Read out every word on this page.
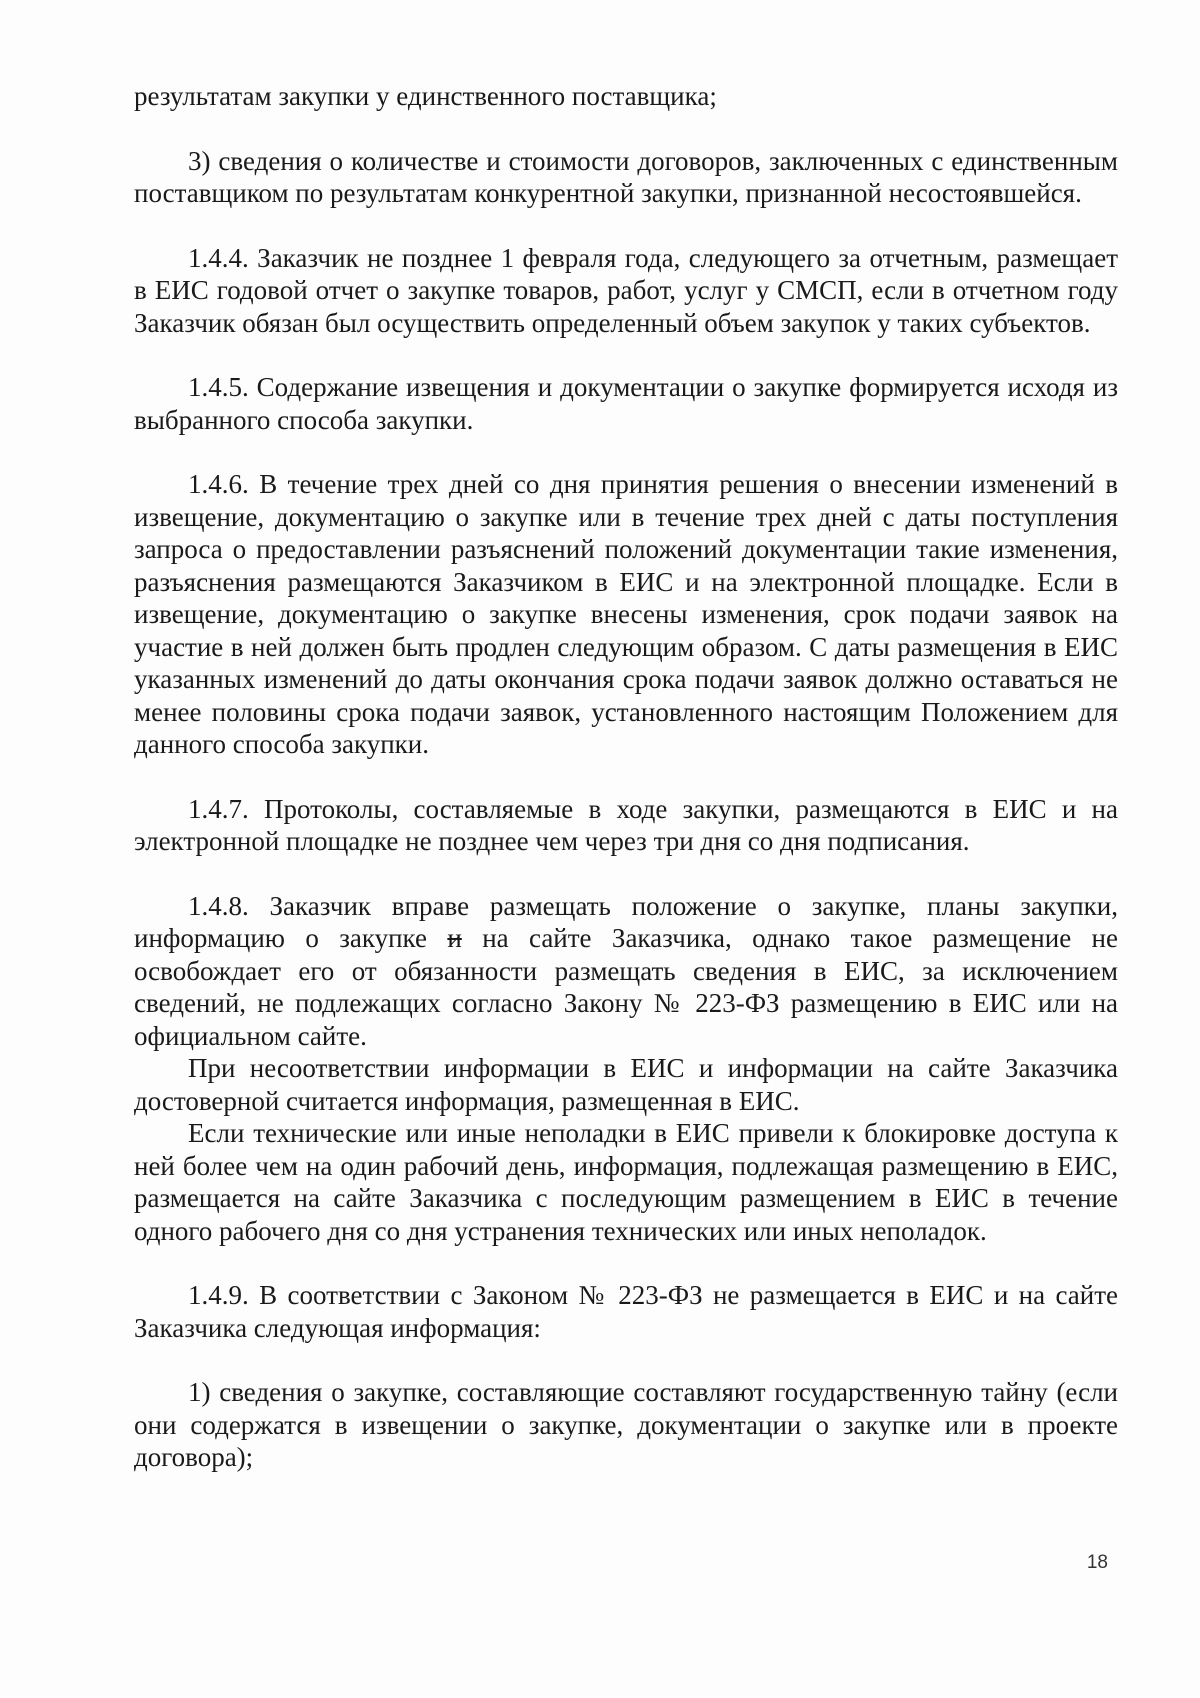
результатам закупки у единственного поставщика;

3) сведения о количестве и стоимости договоров, заключенных с единственным поставщиком по результатам конкурентной закупки, признанной несостоявшейся.

1.4.4. Заказчик не позднее 1 февраля года, следующего за отчетным, размещает в ЕИС годовой отчет о закупке товаров, работ, услуг у СМСП, если в отчетном году Заказчик обязан был осуществить определенный объем закупок у таких субъектов.

1.4.5. Содержание извещения и документации о закупке формируется исходя из выбранного способа закупки.

1.4.6. В течение трех дней со дня принятия решения о внесении изменений в извещение, документацию о закупке или в течение трех дней с даты поступления запроса о предоставлении разъяснений положений документации такие изменения, разъяснения размещаются Заказчиком в ЕИС и на электронной площадке. Если в извещение, документацию о закупке внесены изменения, срок подачи заявок на участие в ней должен быть продлен следующим образом. С даты размещения в ЕИС указанных изменений до даты окончания срока подачи заявок должно оставаться не менее половины срока подачи заявок, установленного настоящим Положением для данного способа закупки.

1.4.7. Протоколы, составляемые в ходе закупки, размещаются в ЕИС и на электронной площадке не позднее чем через три дня со дня подписания.

1.4.8. Заказчик вправе размещать положение о закупке, планы закупки, информацию о закупке и на сайте Заказчика, однако такое размещение не освобождает его от обязанности размещать сведения в ЕИС, за исключением сведений, не подлежащих согласно Закону № 223-ФЗ размещению в ЕИС или на официальном сайте.

При несоответствии информации в ЕИС и информации на сайте Заказчика достоверной считается информация, размещенная в ЕИС.

Если технические или иные неполадки в ЕИС привели к блокировке доступа к ней более чем на один рабочий день, информация, подлежащая размещению в ЕИС, размещается на сайте Заказчика с последующим размещением в ЕИС в течение одного рабочего дня со дня устранения технических или иных неполадок.

1.4.9. В соответствии с Законом № 223-ФЗ не размещается в ЕИС и на сайте Заказчика следующая информация:

1) сведения о закупке, составляющие составляют государственную тайну (если они содержатся в извещении о закупке, документации о закупке или в проекте договора);

18
